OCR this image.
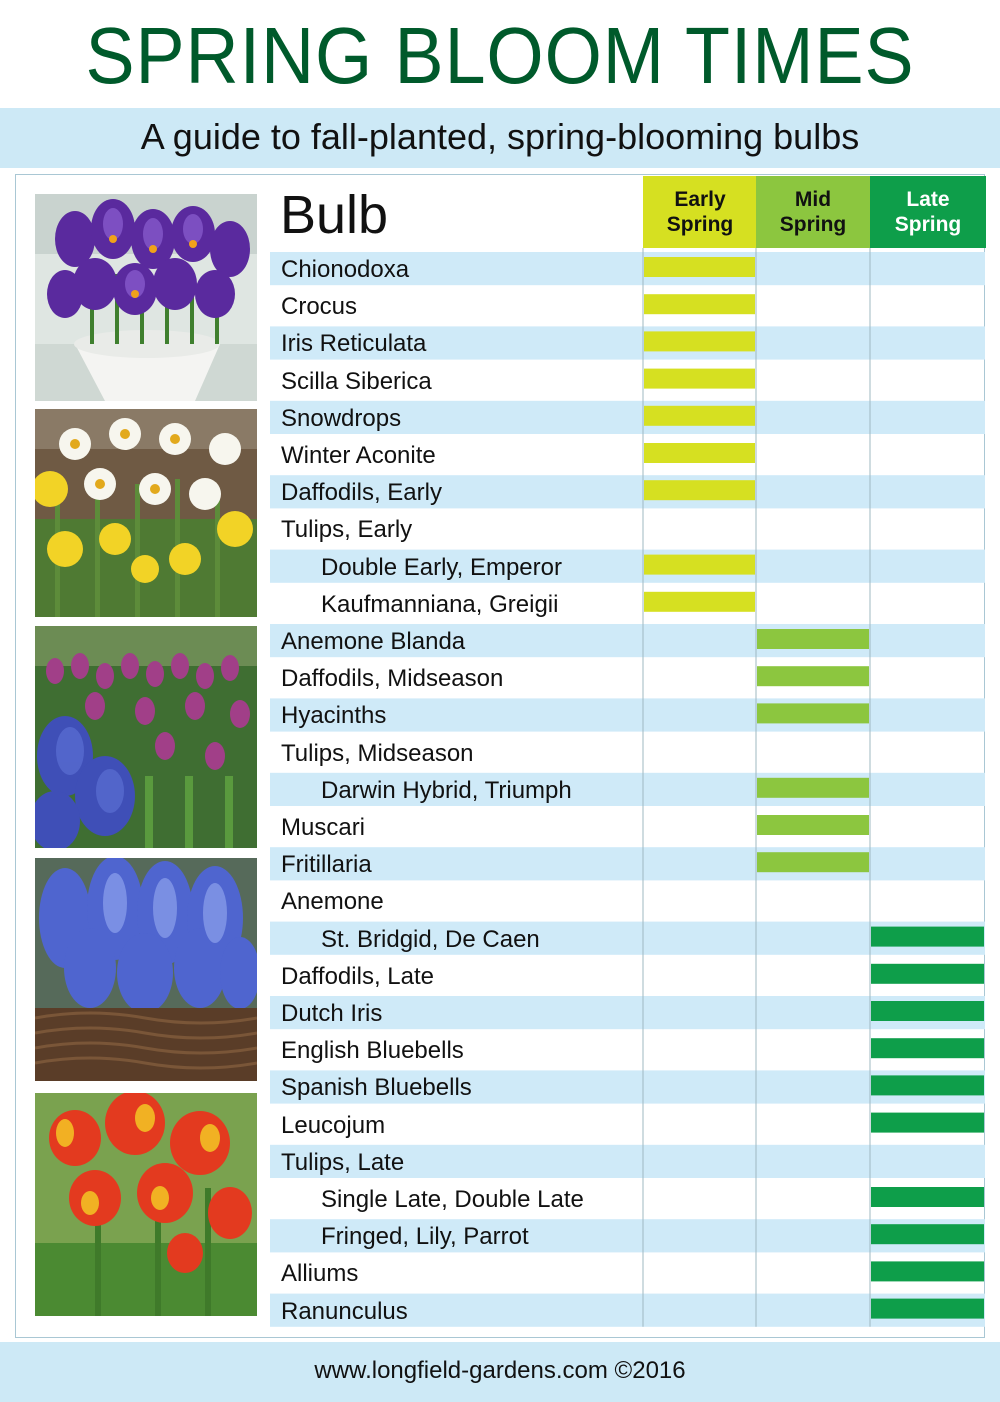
SPRING BLOOM TIMES
A guide to fall-planted, spring-blooming bulbs
Bulb	Early
Spring
Mid
Spring
Late
Spring
Chionodoxa
Crocus
Iris Reticulata
Scilla Siberica
Snowdrops
Winter Aconite
Daffodils, Early
Tulips, Early
Double Early, Emperor
Kaufmanniana, Greigii
Anemone Blanda
Daffodils, Midseason
Hyacinths
Tulips, Midseason
Darwin Hybrid, Triumph
Muscari
Fritillaria
Anemone
St. Bridgid, De Caen
Daffodils, Late
Dutch Iris
English Bluebells
Spanish Bluebells
Leucojum
Tulips, Late
Single Late, Double Late
Fringed, Lily, Parrot
Alliums
Ranunculus
www.longfield-gardens.com ©2016
